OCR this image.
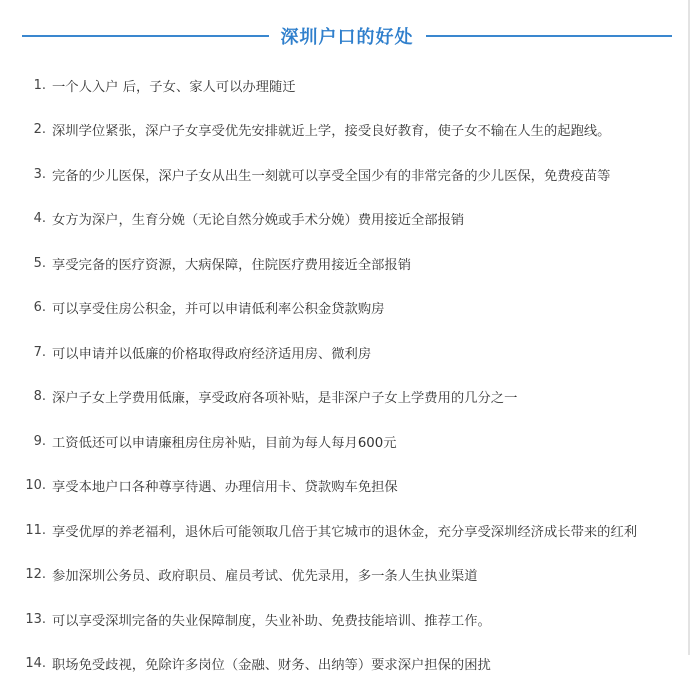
深圳户口的好处
1. 一个人入户 后，子女、家人可以办理随迁
2. 深圳学位紧张，深户子女享受优先安排就近上学，接受良好教育，使子女不输在人生的起跑线。
3. 完备的少儿医保，深户子女从出生一刻就可以享受全国少有的非常完备的少儿医保，免费疫苗等
4. 女方为深户，生育分娩（无论自然分娩或手术分娩）费用接近全部报销
5. 享受完备的医疗资源，大病保障，住院医疗费用接近全部报销
6. 可以享受住房公积金，并可以申请低利率公积金贷款购房
7. 可以申请并以低廉的价格取得政府经济适用房、微利房
8. 深户子女上学费用低廉，享受政府各项补贴，是非深户子女上学费用的几分之一
9. 工资低还可以申请廉租房住房补贴，目前为每人每月600元
10. 享受本地户口各种尊享待遇、办理信用卡、贷款购车免担保
11. 享受优厚的养老福利，退休后可能领取几倍于其它城市的退休金，充分享受深圳经济成长带来的红利
12. 参加深圳公务员、政府职员、雇员考试、优先录用，多一条人生执业渠道
13. 可以享受深圳完备的失业保障制度，失业补助、免费技能培训、推荐工作。
14. 职场免受歧视，免除许多岗位（金融、财务、出纳等）要求深户担保的困扰
